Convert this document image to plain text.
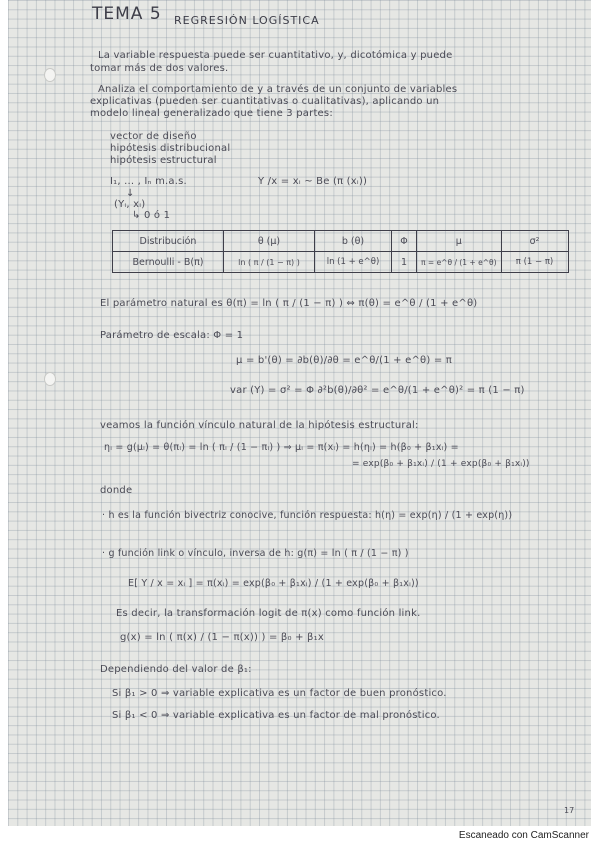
TEMA 5 REGRESIÓN LOGÍSTICA
La variable respuesta puede ser cuantitativo, y, dicotómica y puede
tomar más de dos valores.
Analiza el comportamiento de y a través de un conjunto de variables
explicativas (pueden ser cuantitativas o cualitativas), aplicando un
modelo lineal generalizado que tiene 3 partes:
vector de diseño
hipótesis distribucional
hipótesis estructural
I₁, ... , Iₙ m.a.s.	Y /x = xᵢ ~ Be (π (xᵢ))
↓
(Yᵢ, xᵢ)
↳ 0 ó 1
Distribución	θ (μ)	b (θ)	Φ	μ	σ²
Bernoulli - B(π)	ln ( π / (1 − π) )	ln (1 + e^θ)	1	π = e^θ / (1 + e^θ)	π (1 − π)
El parámetro natural es θ(π) = ln ( π / (1 − π) ) ⇔ π(θ) = e^θ / (1 + e^θ)
Parámetro de escala: Φ = 1
μ = b'(θ) = ∂b(θ)/∂θ = e^θ/(1 + e^θ) = π
var (Y) = σ² = Φ ∂²b(θ)/∂θ² = e^θ/(1 + e^θ)² = π (1 − π)
veamos la función vínculo natural de la hipótesis estructural:
ηᵢ = g(μᵢ) = θ(πᵢ) = ln ( πᵢ / (1 − πᵢ) ) ⇒ μᵢ = π(xᵢ) = h(ηᵢ) = h(β₀ + β₁xᵢ) =
= exp(β₀ + β₁xᵢ) / (1 + exp(β₀ + β₁xᵢ))
donde
· h es la función bivectriz conocive, función respuesta: h(η) = exp(η) / (1 + exp(η))
· g función link o vínculo, inversa de h: g(π) = ln ( π / (1 − π) )
E[ Y / x = xᵢ ] = π(xᵢ) = exp(β₀ + β₁xᵢ) / (1 + exp(β₀ + β₁xᵢ))
Es decir, la transformación logit de π(x) como función link.
g(x) = ln ( π(x) / (1 − π(x)) ) = β₀ + β₁x
Dependiendo del valor de β₁:
Si β₁ > 0 ⇒ variable explicativa es un factor de buen pronóstico.
Si β₁ < 0 ⇒ variable explicativa es un factor de mal pronóstico.
17
Escaneado con CamScanner
